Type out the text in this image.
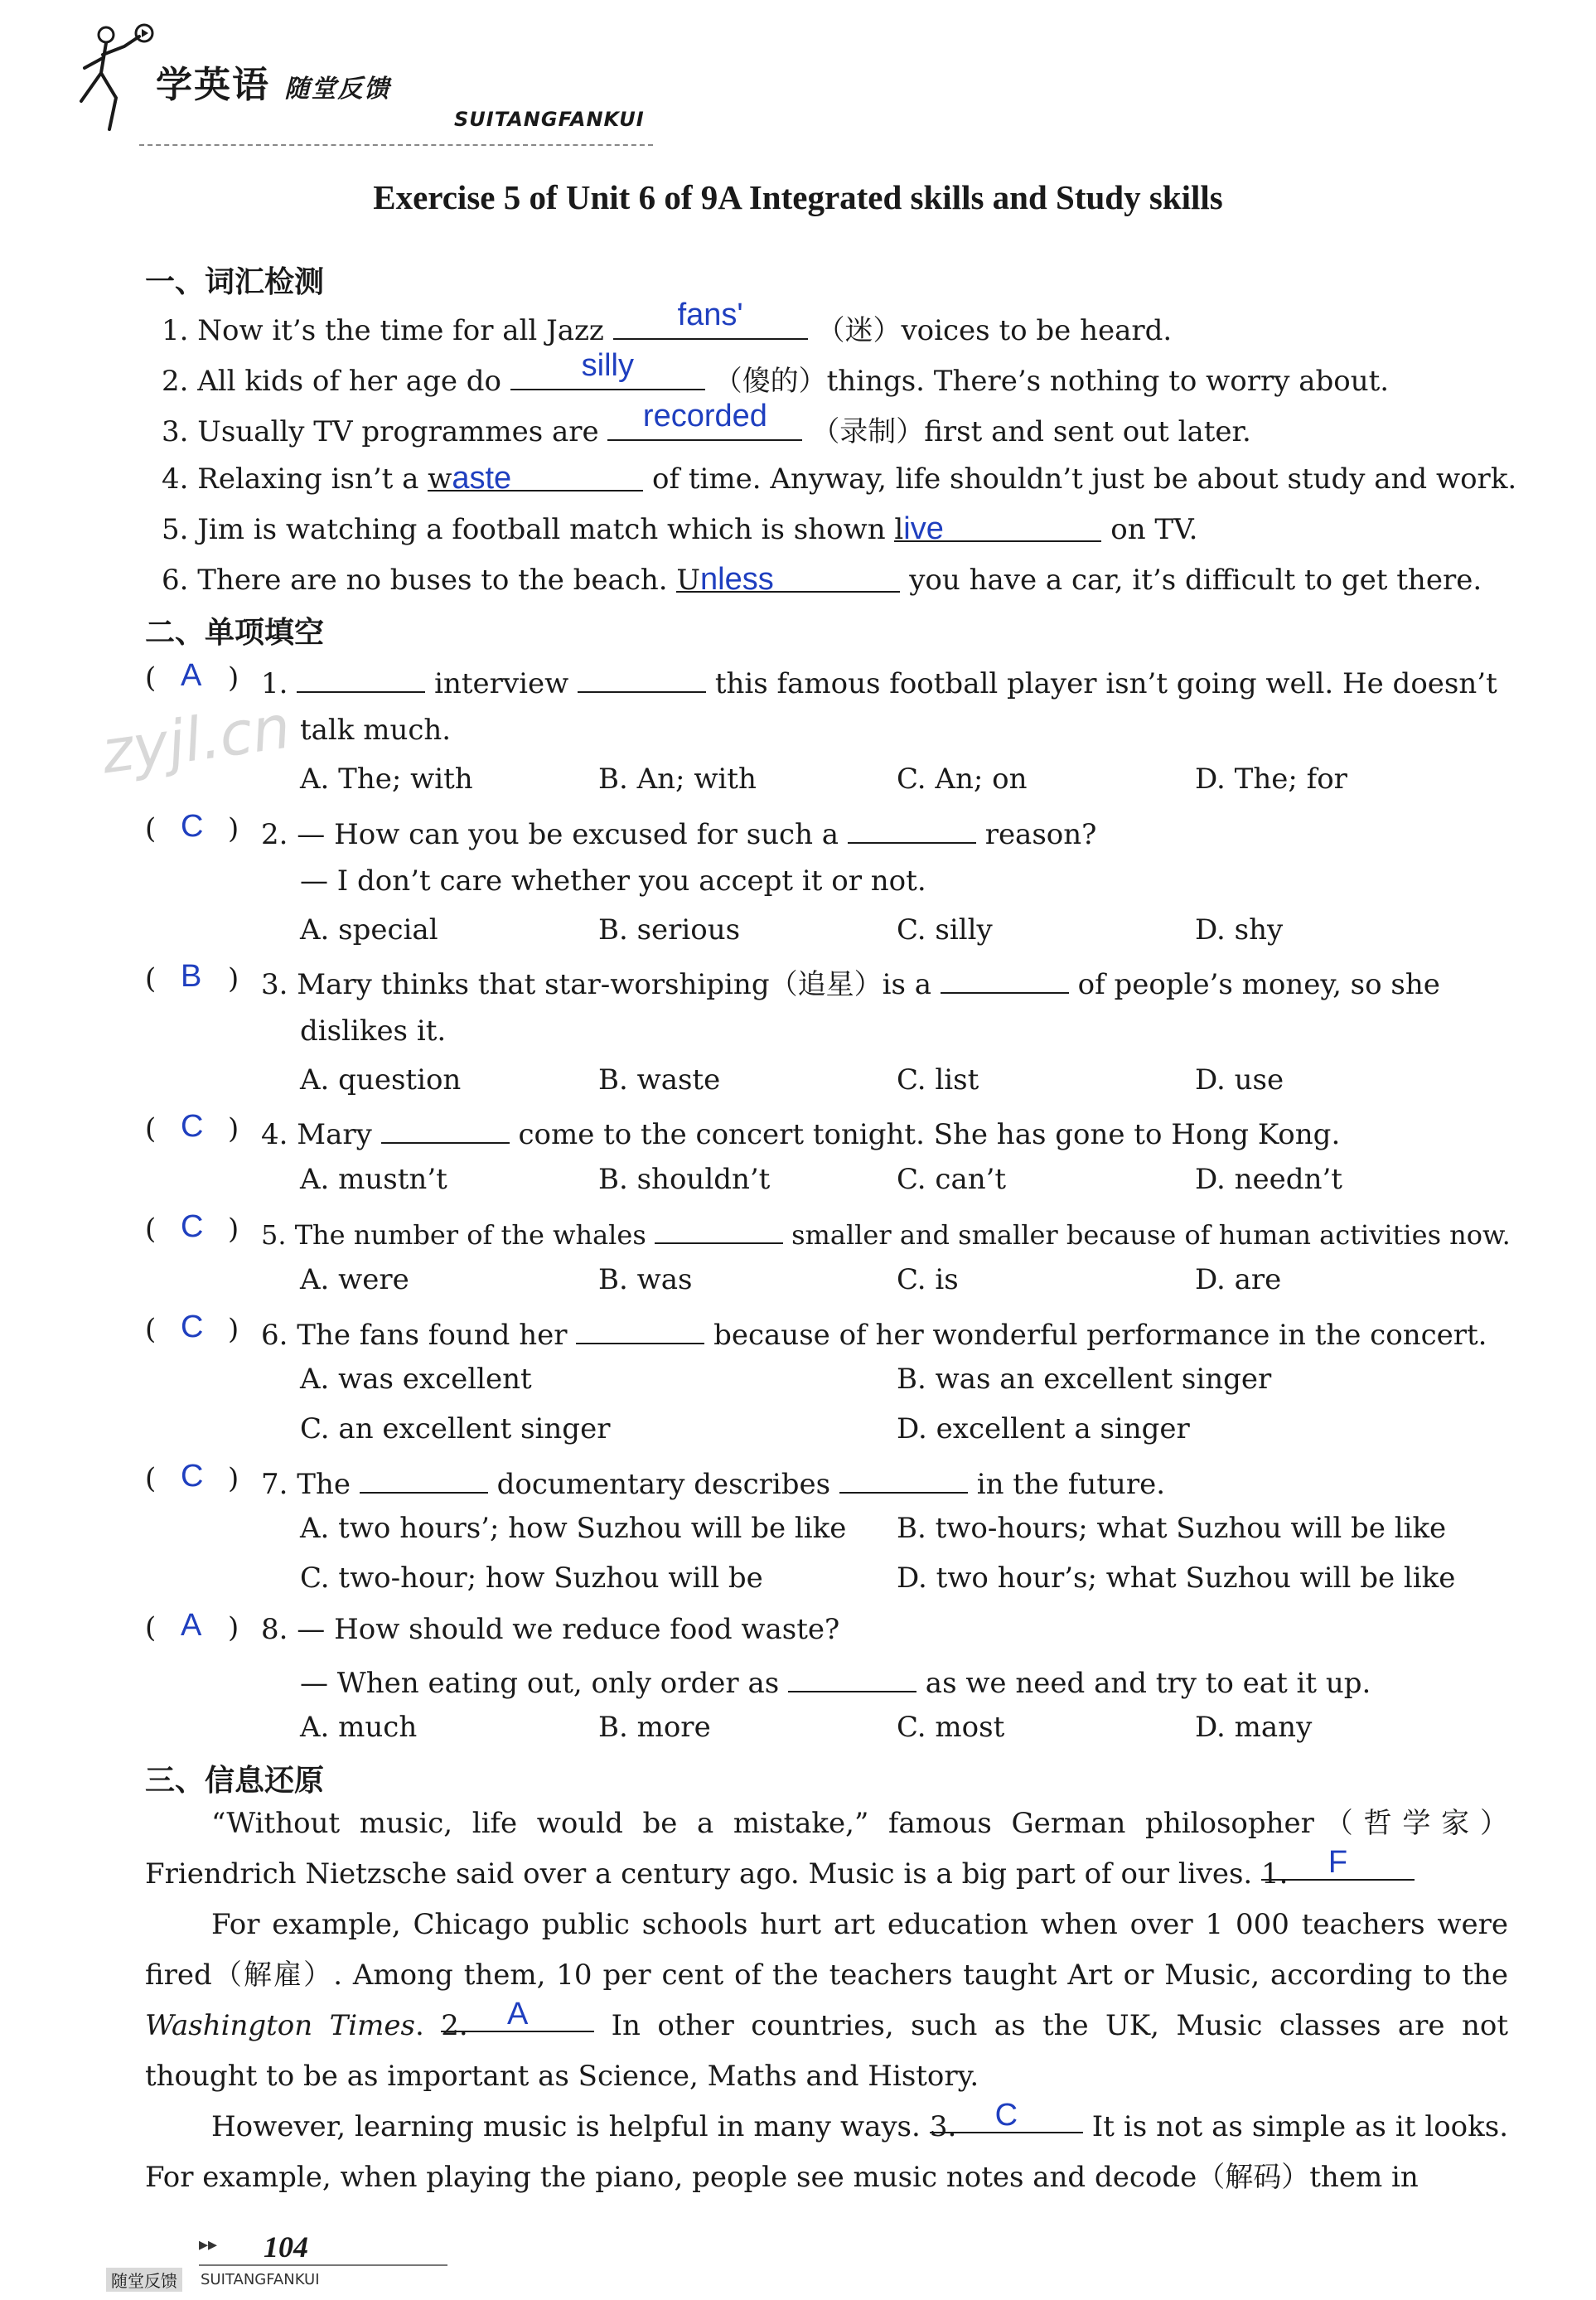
学英语 随堂反馈
SUITANGFANKUI
Exercise 5 of Unit 6 of 9A Integrated skills and Study skills
zyjl.cn
一、词汇检测
1. Now it’s the time for all Jazz	fans'	（迷）voices to be heard.
2. All kids of her age do	silly	（傻的）things. There’s nothing to worry about.
3. Usually TV programmes are	recorded	（录制）first and sent out later.
4. Relaxing isn’t a waste	of time. Anyway, life shouldn’t just be about study and work.
5. Jim is watching a football match which is shown live	on TV.
6. There are no buses to the beach. Unless	you have a car, it’s difficult to get there.
二、单项填空
( A ) 1.	interview	this famous football player isn’t going well. He doesn’t
talk much.
A. The; with	B. An; with	C. An; on	D. The; for
( C ) 2. — How can you be excused for such a	reason?
— I don’t care whether you accept it or not.
A. special	B. serious	C. silly	D. shy
( B ) 3. Mary thinks that star-worshiping（追星）is a	of people’s money, so she
dislikes it.
A. question	B. waste	C. list	D. use
( C ) 4. Mary	come to the concert tonight. She has gone to Hong Kong.
A. mustn’t	B. shouldn’t	C. can’t	D. needn’t
( C ) 5. The number of the whales	smaller and smaller because of human activities now.
A. were	B. was	C. is	D. are
( C ) 6. The fans found her	because of her wonderful performance in the concert.
A. was excellent	B. was an excellent singer
C. an excellent singer	D. excellent a singer
( C ) 7. The	documentary describes	in the future.
A. two hours’; how Suzhou will be like B. two-hours; what Suzhou will be like
C. two-hour; how Suzhou will be	D. two hour’s; what Suzhou will be like
( A ) 8. — How should we reduce food waste?
— When eating out, only order as	as we need and try to eat it up.
A. much	B. more	C. most	D. many
三、信息还原
“Without music, life would be a mistake,” famous German philosopher（哲学家）Friendrich Nietzsche said over a century ago. Music is a big part of our lives. 1.	F
For example, Chicago public schools hurt art education when over 1 000 teachers were fired（解雇）. Among them, 10 per cent of the teachers taught Art or Music, according to the Washington Times. 2.	A	In other countries, such as the UK, Music classes are not thought to be as important as Science, Maths and History.
However, learning music is helpful in many ways. 3.	C	It is not as simple as it looks. For example, when playing the piano, people see music notes and decode（解码）them in
▸▸ 104
随堂反馈	SUITANGFANKUI
